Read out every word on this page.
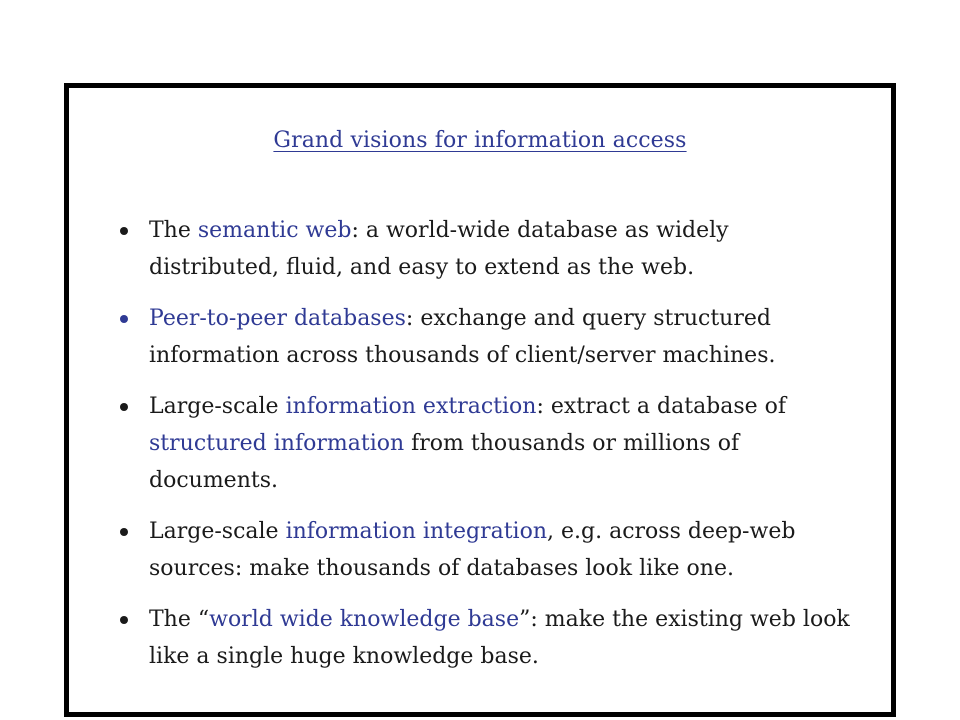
Grand visions for information access
The semantic web: a world-wide database as widely distributed, fluid, and easy to extend as the web.
Peer-to-peer databases: exchange and query structured information across thousands of client/server machines.
Large-scale information extraction: extract a database of structured information from thousands or millions of documents.
Large-scale information integration, e.g. across deep-web sources: make thousands of databases look like one.
The “world wide knowledge base”: make the existing web look like a single huge knowledge base.
